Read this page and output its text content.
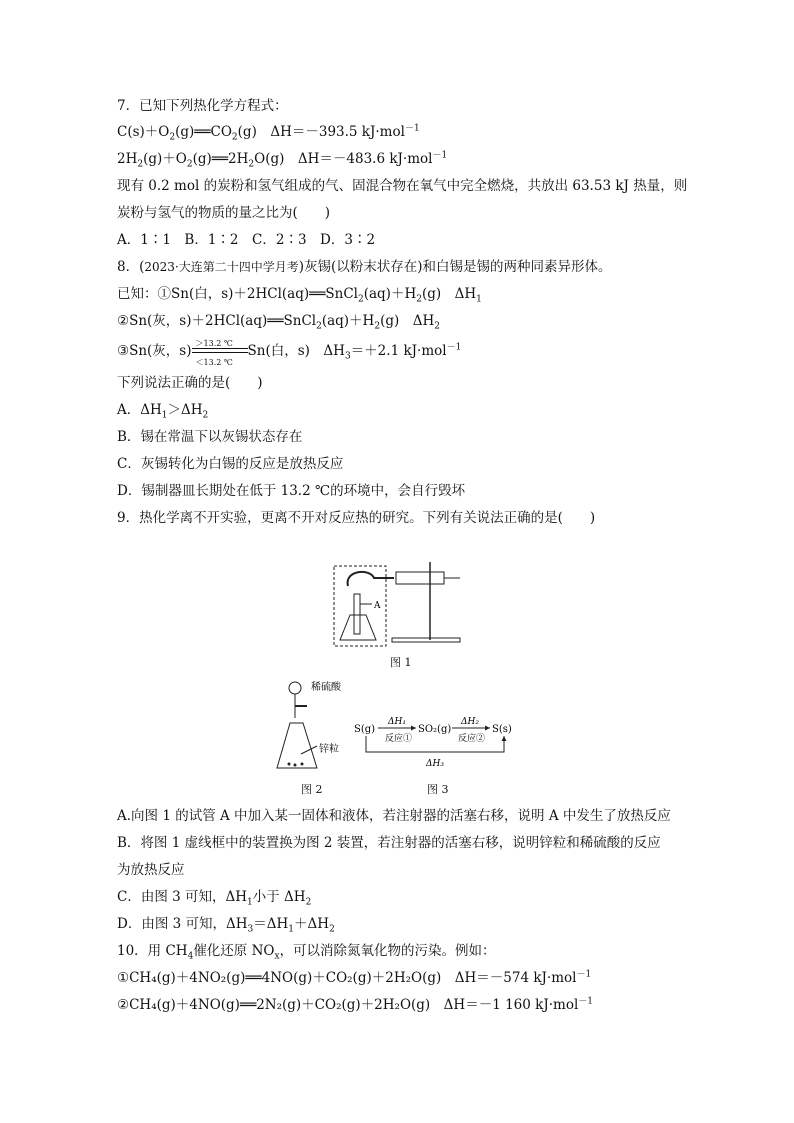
7．已知下列热化学方程式：
$C(s)+O_2(g)══CO_2(g)$　ΔH＝－393.5 kJ·mol$^{-1}$
$2H_2(g)+O_2(g)══2H_2O(g)$　ΔH＝－483.6 kJ·mol$^{-1}$
现有 0.2 mol 的炭粉和氢气组成的气、固混合物在氧气中完全燃烧，共放出 63.53 kJ 热量，则
炭粉与氢气的物质的量之比为(　　)
A．1∶1　B．1∶2　C．2∶3　D．3∶2
8．(2023·大连第二十四中学月考)灰锡(以粉末状存在)和白锡是锡的两种同素异形体。
已知：①Sn(白，$s)+2HCl(aq)══SnCl_2(aq)+H_2(g)$　$\Delta H_1$
②Sn(灰，$s)+2HCl(aq)══SnCl_2(aq)+H_2(g)$　$\Delta H_2$
③Sn(灰，$s) \frac{>13.2 ℃}{<13.2 ℃} Sn$(白，s)　$\Delta H_3=+2.1$ kJ·mol$^{-1}$
下列说法正确的是(　　)
A．$\Delta H_1>\Delta H_2$
B．锡在常温下以灰锡状态存在
C．灰锡转化为白锡的反应是放热反应
D．锡制器皿长期处在低于 13.2 ℃的环境中，会自行毁坏
9．热化学离不开实验，更离不开对反应热的研究。下列有关说法正确的是(　　)
A
图 1
稀硫酸
锌粒
图 2
S(g)
ΔH₁
反应①
SO₂(g)
ΔH₂
反应②
S(s)
ΔH₃
图 3
A.向图 1 的试管 A 中加入某一固体和液体，若注射器的活塞右移，说明 A 中发生了放热反应
B．将图 1 虚线框中的装置换为图 2 装置，若注射器的活塞右移，说明锌粒和稀硫酸的反应
为放热反应
C．由图 3 可知，$\Delta H_1$小于 $\Delta H_2$
D．由图 3 可知，$\Delta H_3=\Delta H_1+\Delta H_2$
10．用 $CH_4$催化还原 $NO_x$，可以消除氮氧化物的污染。例如：
①CH₄(g)＋4NO₂(g)══4NO(g)＋CO₂(g)＋2H₂O(g)　ΔH＝－574 kJ·mol$^{-1}$
②CH₄(g)＋4NO(g)══2N₂(g)＋CO₂(g)＋2H₂O(g)　ΔH＝－1 160 kJ·mol$^{-1}$
